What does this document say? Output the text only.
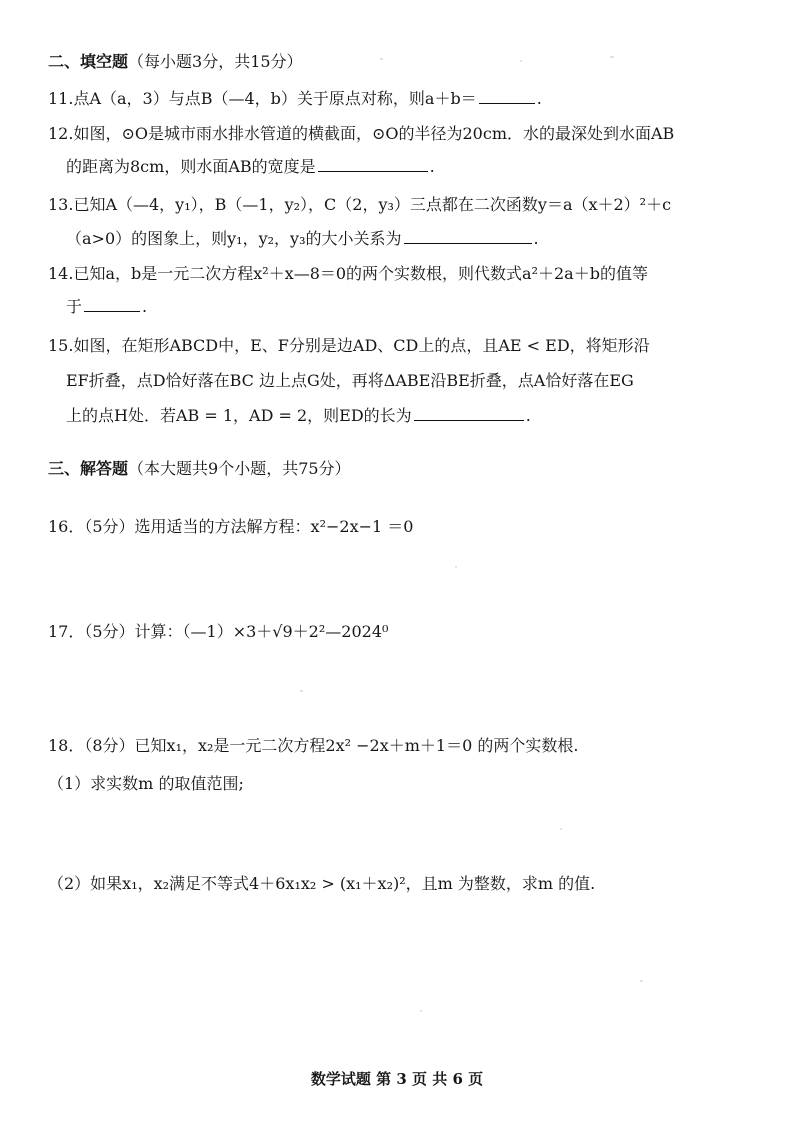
二、填空题（每小题3分，共15分）
11.点A（a，3）与点B（—4，b）关于原点对称，则a＋b＝	.
12.如图，⊙O是城市雨水排水管道的横截面，⊙O的半径为20cm．水的最深处到水面AB
的距离为8cm，则水面AB的宽度是	.
13.已知A（—4，y₁），B（—1，y₂），C（2，y₃）三点都在二次函数y＝a（x＋2）²＋c
（a>0）的图象上，则y₁，y₂，y₃的大小关系为	.
14.已知a，b是一元二次方程x²＋x—8＝0的两个实数根，则代数式a²＋2a＋b的值等
于	.
15.如图，在矩形ABCD中，E、F分别是边AD、CD上的点，且AE < ED，将矩形沿
EF折叠，点D恰好落在BC 边上点G处，再将ΔABE沿BE折叠，点A恰好落在EG
上的点H处．若AB = 1，AD = 2，则ED的长为	.
三、解答题（本大题共9个小题，共75分）
16．（5分）选用适当的方法解方程：x²−2x−1 ＝0
17．（5分）计算：（—1）×3＋√9＋2²—2024⁰
18．（8分）已知x₁，x₂是一元二次方程2x² −2x＋m＋1＝0 的两个实数根.
（1）求实数m 的取值范围;
（2）如果x₁，x₂满足不等式4＋6x₁x₂ > (x₁＋x₂)²，且m 为整数，求m 的值.
数学试题 第 3 页 共 6 页
